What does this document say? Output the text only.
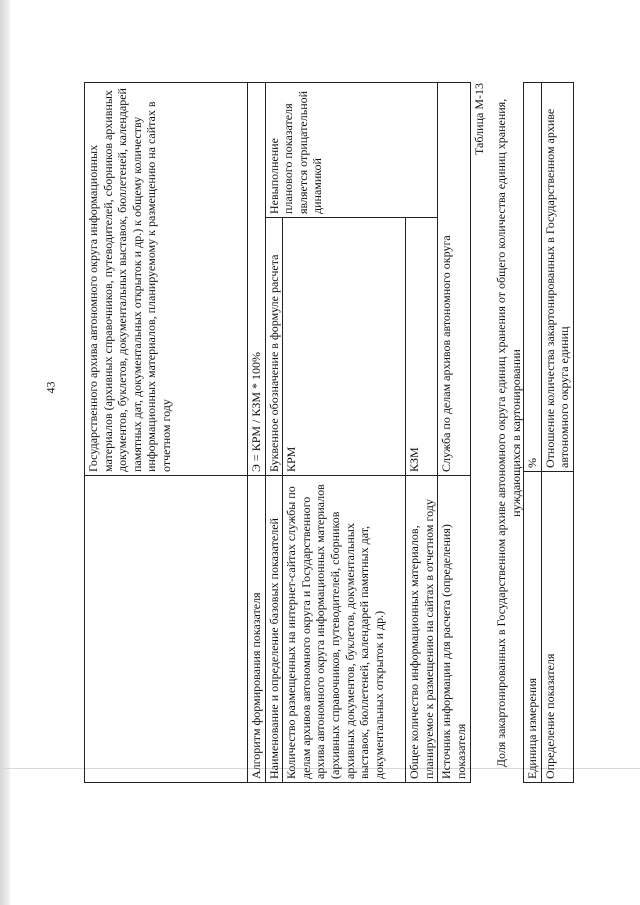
43
	Государственного архива автономного округа информационных материалов (архивных справочников, путеводителей, сборников архивных документов, буклетов, документальных выставок, бюллетеней, календарей памятных дат, документальных открыток и др.) к общему количеству информационных материалов, планируемому к размещению на сайтах в отчетном году	
Алгоритм формирования показателя	Э = КРМ / КЗМ * 100%	
Наименование и определение базовых показателей	Буквенное обозначение в формуле расчета	Невыполнение планового показателя является отрицательной динамикой
Количество размещенных на интернет-сайтах службы по делам архивов автономного округа и Государственного архива автономного округа информационных материалов (архивных справочников, путеводителей, сборников архивных документов, буклетов, документальных выставок, бюллетеней, календарей памятных дат, документальных открыток и др.)	КРМ	
Общее количество информационных материалов, планируемое к размещению на сайтах в отчетном году	КЗМ	
Источник информации для расчета (определения) показателя	Служба по делам архивов автономного округа	
Таблица М-13 Доля закартонированных в Государственном архиве автономного округа единиц хранения от общего количества единиц хранения, нуждающихся в картонировании
Единица измерения	%
Определение показателя	Отношение количества закартонированных в Государственном архиве автономного округа единиц
